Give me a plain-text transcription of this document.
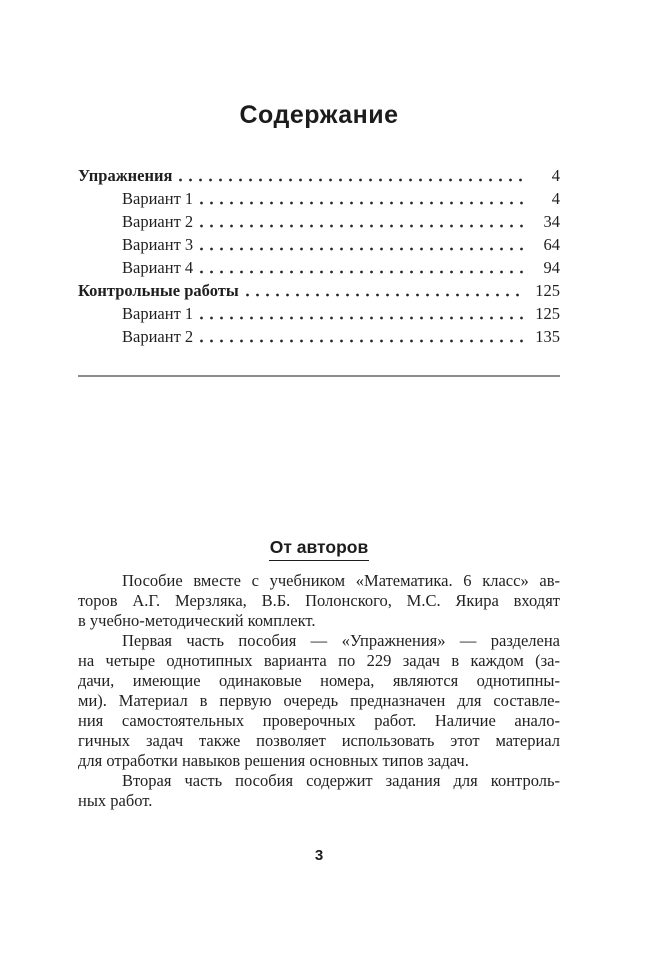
Содержание
Упражнения	4
Вариант 1	4
Вариант 2	34
Вариант 3	64
Вариант 4	94
Контрольные работы	125
Вариант 1	125
Вариант 2	135
От авторов
Пособие вместе с учебником «Математика. 6 класс» ав-
торов А.Г. Мерзляка, В.Б. Полонского, М.С. Якира входят
в учебно-методический комплект.
Первая часть пособия — «Упражнения» — разделена
на четыре однотипных варианта по 229 задач в каждом (за-
дачи, имеющие одинаковые номера, являются однотипны-
ми). Материал в первую очередь предназначен для составле-
ния самостоятельных проверочных работ. Наличие анало-
гичных задач также позволяет использовать этот материал
для отработки навыков решения основных типов задач.
Вторая часть пособия содержит задания для контроль-
ных работ.
3
